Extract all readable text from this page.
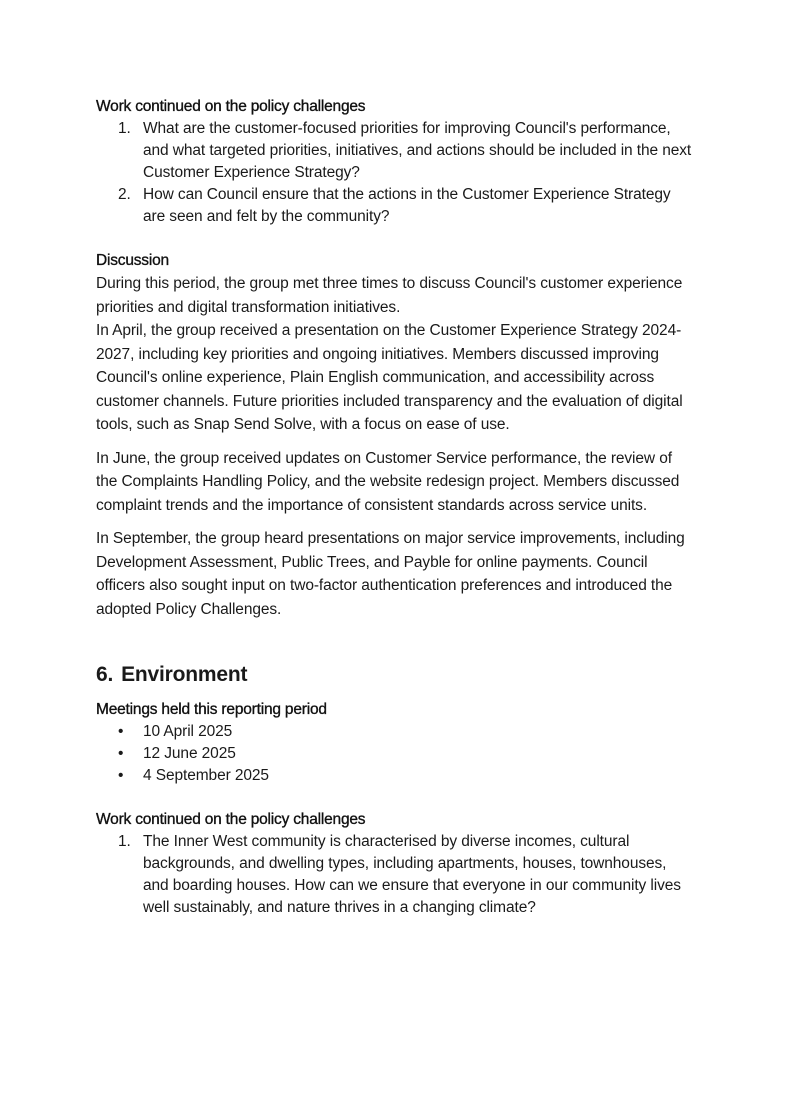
Work continued on the policy challenges

1. What are the customer-focused priorities for improving Council's performance, and what targeted priorities, initiatives, and actions should be included in the next Customer Experience Strategy?
2. How can Council ensure that the actions in the Customer Experience Strategy are seen and felt by the community?

Discussion

During this period, the group met three times to discuss Council's customer experience priorities and digital transformation initiatives.

In April, the group received a presentation on the Customer Experience Strategy 2024-2027, including key priorities and ongoing initiatives. Members discussed improving Council's online experience, Plain English communication, and accessibility across customer channels. Future priorities included transparency and the evaluation of digital tools, such as Snap Send Solve, with a focus on ease of use.

In June, the group received updates on Customer Service performance, the review of the Complaints Handling Policy, and the website redesign project. Members discussed complaint trends and the importance of consistent standards across service units.

In September, the group heard presentations on major service improvements, including Development Assessment, Public Trees, and Payble for online payments. Council officers also sought input on two-factor authentication preferences and introduced the adopted Policy Challenges.

6. Environment

Meetings held this reporting period

• 10 April 2025
• 12 June 2025
• 4 September 2025

Work continued on the policy challenges

1. The Inner West community is characterised by diverse incomes, cultural backgrounds, and dwelling types, including apartments, houses, townhouses, and boarding houses. How can we ensure that everyone in our community lives well sustainably, and nature thrives in a changing climate?
